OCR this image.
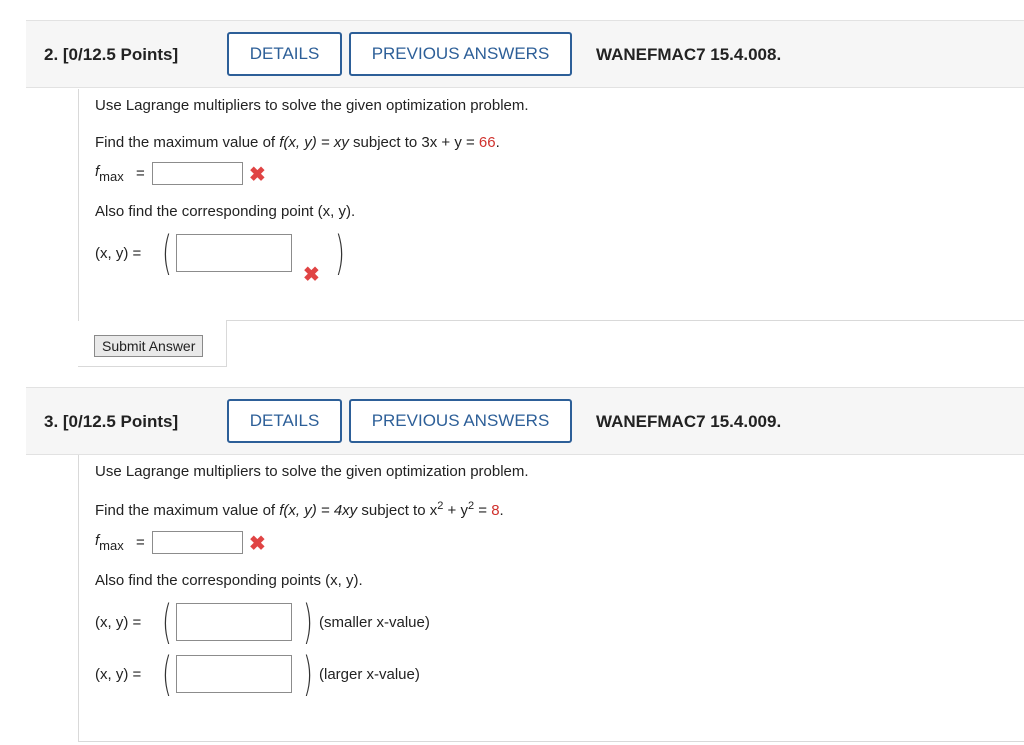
2. [0/12.5 Points]	DETAILS	PREVIOUS ANSWERS	WANEFMAC7 15.4.008.
Use Lagrange multipliers to solve the given optimization problem.
Find the maximum value of f(x, y) = xy subject to 3x + y = 66.
fmax =	✖
Also find the corresponding point (x, y).
(x, y) = (	✖ )
Submit Answer
3. [0/12.5 Points]	DETAILS	PREVIOUS ANSWERS	WANEFMAC7 15.4.009.
Use Lagrange multipliers to solve the given optimization problem.
Find the maximum value of f(x, y) = 4xy subject to $x^2 + y^2 = 8$.
fmax =	✖
Also find the corresponding points (x, y).
(x, y) = (	) (smaller x-value)
(x, y) = (	) (larger x-value)
